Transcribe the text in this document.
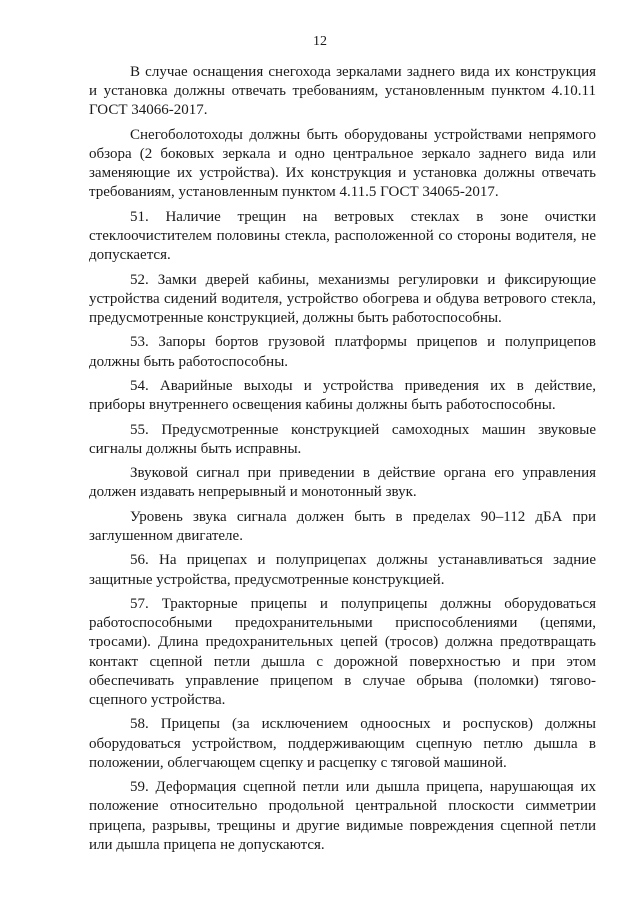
12

В случае оснащения снегохода зеркалами заднего вида их конструкция и установка должны отвечать требованиям, установленным пунктом 4.10.11 ГОСТ 34066-2017.

Снегоболотоходы должны быть оборудованы устройствами непрямого обзора (2 боковых зеркала и одно центральное зеркало заднего вида или заменяющие их устройства). Их конструкция и установка должны отвечать требованиям, установленным пунктом 4.11.5 ГОСТ 34065-2017.

51. Наличие трещин на ветровых стеклах в зоне очистки стеклоочистителем половины стекла, расположенной со стороны водителя, не допускается.

52. Замки дверей кабины, механизмы регулировки и фиксирующие устройства сидений водителя, устройство обогрева и обдува ветрового стекла, предусмотренные конструкцией, должны быть работоспособны.

53. Запоры бортов грузовой платформы прицепов и полуприцепов должны быть работоспособны.

54. Аварийные выходы и устройства приведения их в действие, приборы внутреннего освещения кабины должны быть работоспособны.

55. Предусмотренные конструкцией самоходных машин звуковые сигналы должны быть исправны.

Звуковой сигнал при приведении в действие органа его управления должен издавать непрерывный и монотонный звук.

Уровень звука сигнала должен быть в пределах 90–112 дБА при заглушенном двигателе.

56. На прицепах и полуприцепах должны устанавливаться задние защитные устройства, предусмотренные конструкцией.

57. Тракторные прицепы и полуприцепы должны оборудоваться работоспособными предохранительными приспособлениями (цепями, тросами). Длина предохранительных цепей (тросов) должна предотвращать контакт сцепной петли дышла с дорожной поверхностью и при этом обеспечивать управление прицепом в случае обрыва (поломки) тягово-сцепного устройства.

58. Прицепы (за исключением одноосных и роспусков) должны оборудоваться устройством, поддерживающим сцепную петлю дышла в положении, облегчающем сцепку и расцепку с тяговой машиной.

59. Деформация сцепной петли или дышла прицепа, нарушающая их положение относительно продольной центральной плоскости симметрии прицепа, разрывы, трещины и другие видимые повреждения сцепной петли или дышла прицепа не допускаются.
